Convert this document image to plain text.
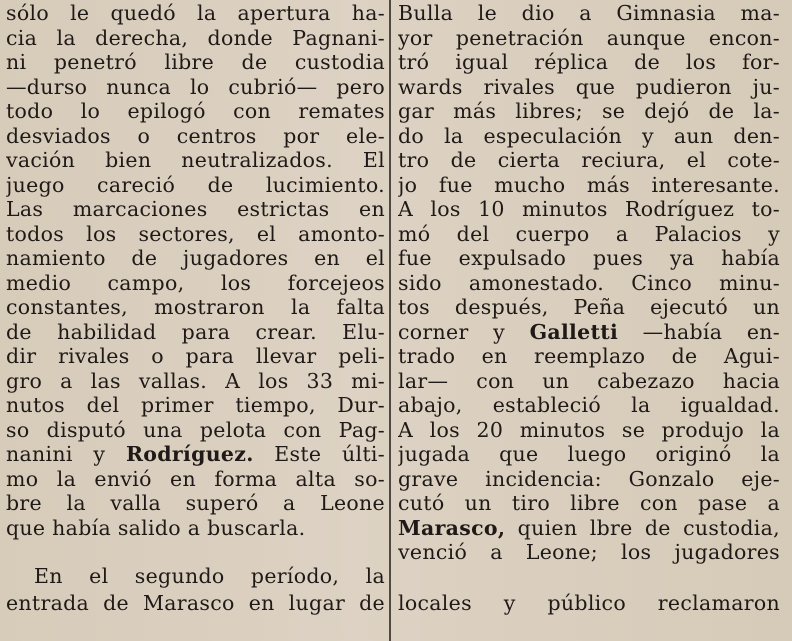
sólo le quedó la apertura ha-
cia la derecha, donde Pagnani-
ni penetró libre de custodia
—durso nunca lo cubrió— pero
todo lo epilogó con remates
desviados o centros por ele-
vación bien neutralizados. El
juego careció de lucimiento.
Las marcaciones estrictas en
todos los sectores, el amonto-
namiento de jugadores en el
medio campo, los forcejeos
constantes, mostraron la falta
de habilidad para crear. Elu-
dir rivales o para llevar peli-
gro a las vallas. A los 33 mi-
nutos del primer tiempo, Dur-
so disputó una pelota con Pag-
nanini y Rodríguez. Este últi-
mo la envió en forma alta so-
bre la valla superó a Leone
que había salido a buscarla.
En el segundo período, la
entrada de Marasco en lugar de
Bulla le dio a Gimnasia ma-
yor penetración aunque encon-
tró igual réplica de los for-
wards rivales que pudieron ju-
gar más libres; se dejó de la-
do la especulación y aun den-
tro de cierta reciura, el cote-
jo fue mucho más interesante.
A los 10 minutos Rodríguez to-
mó del cuerpo a Palacios y
fue expulsado pues ya había
sido amonestado. Cinco minu-
tos después, Peña ejecutó un
corner y Galletti —había en-
trado en reemplazo de Agui-
lar— con un cabezazo hacia
abajo, estableció la igualdad.
A los 20 minutos se produjo la
jugada que luego originó la
grave incidencia: Gonzalo eje-
cutó un tiro libre con pase a
Marasco, quien lbre de custodia,
venció a Leone; los jugadores
locales y público reclamaron
